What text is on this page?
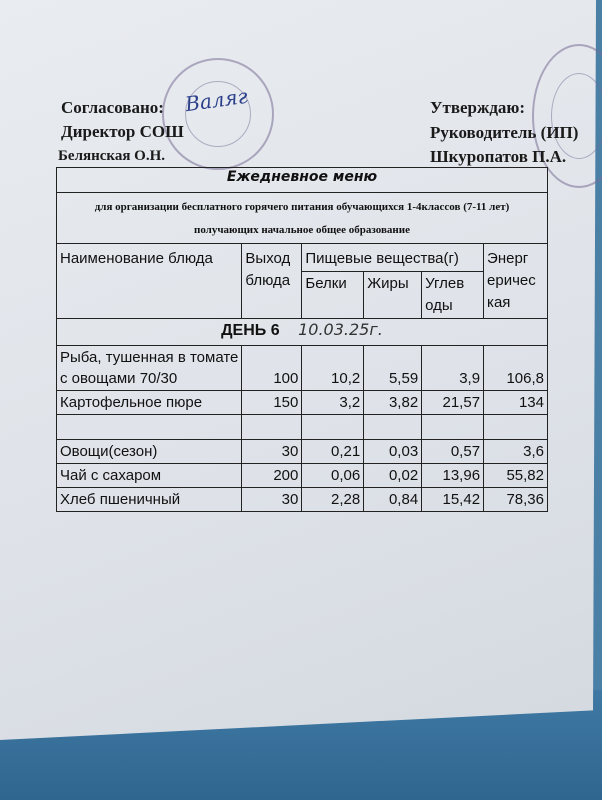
Согласовано:
Директор СОШ
Белянская О.Н.
Валяг	Утверждаю:
Руководитель (ИП)
Шкуропатов П.А.
Ежедневное меню					

для организации бесплатного горячего питания обучающихся 1-4классов (7-11 лет)
получающих начальное общее образование					

Наименование блюда	Выход блюда	Пищевые вещества(г)			Энерг еричес кая
		Белки	Жиры	Углев оды	
ДЕНЬ 6 10.03.25г.					
Рыба, тушенная в томате с овощами 70/30	100	10,2	5,59	3,9	106,8
Картофельное пюре	150	3,2	3,82	21,57	134

Овощи(сезон)	30	0,21	0,03	0,57	3,6
Чай с сахаром	200	0,06	0,02	13,96	55,82
Хлеб пшеничный	30	2,28	0,84	15,42	78,36
